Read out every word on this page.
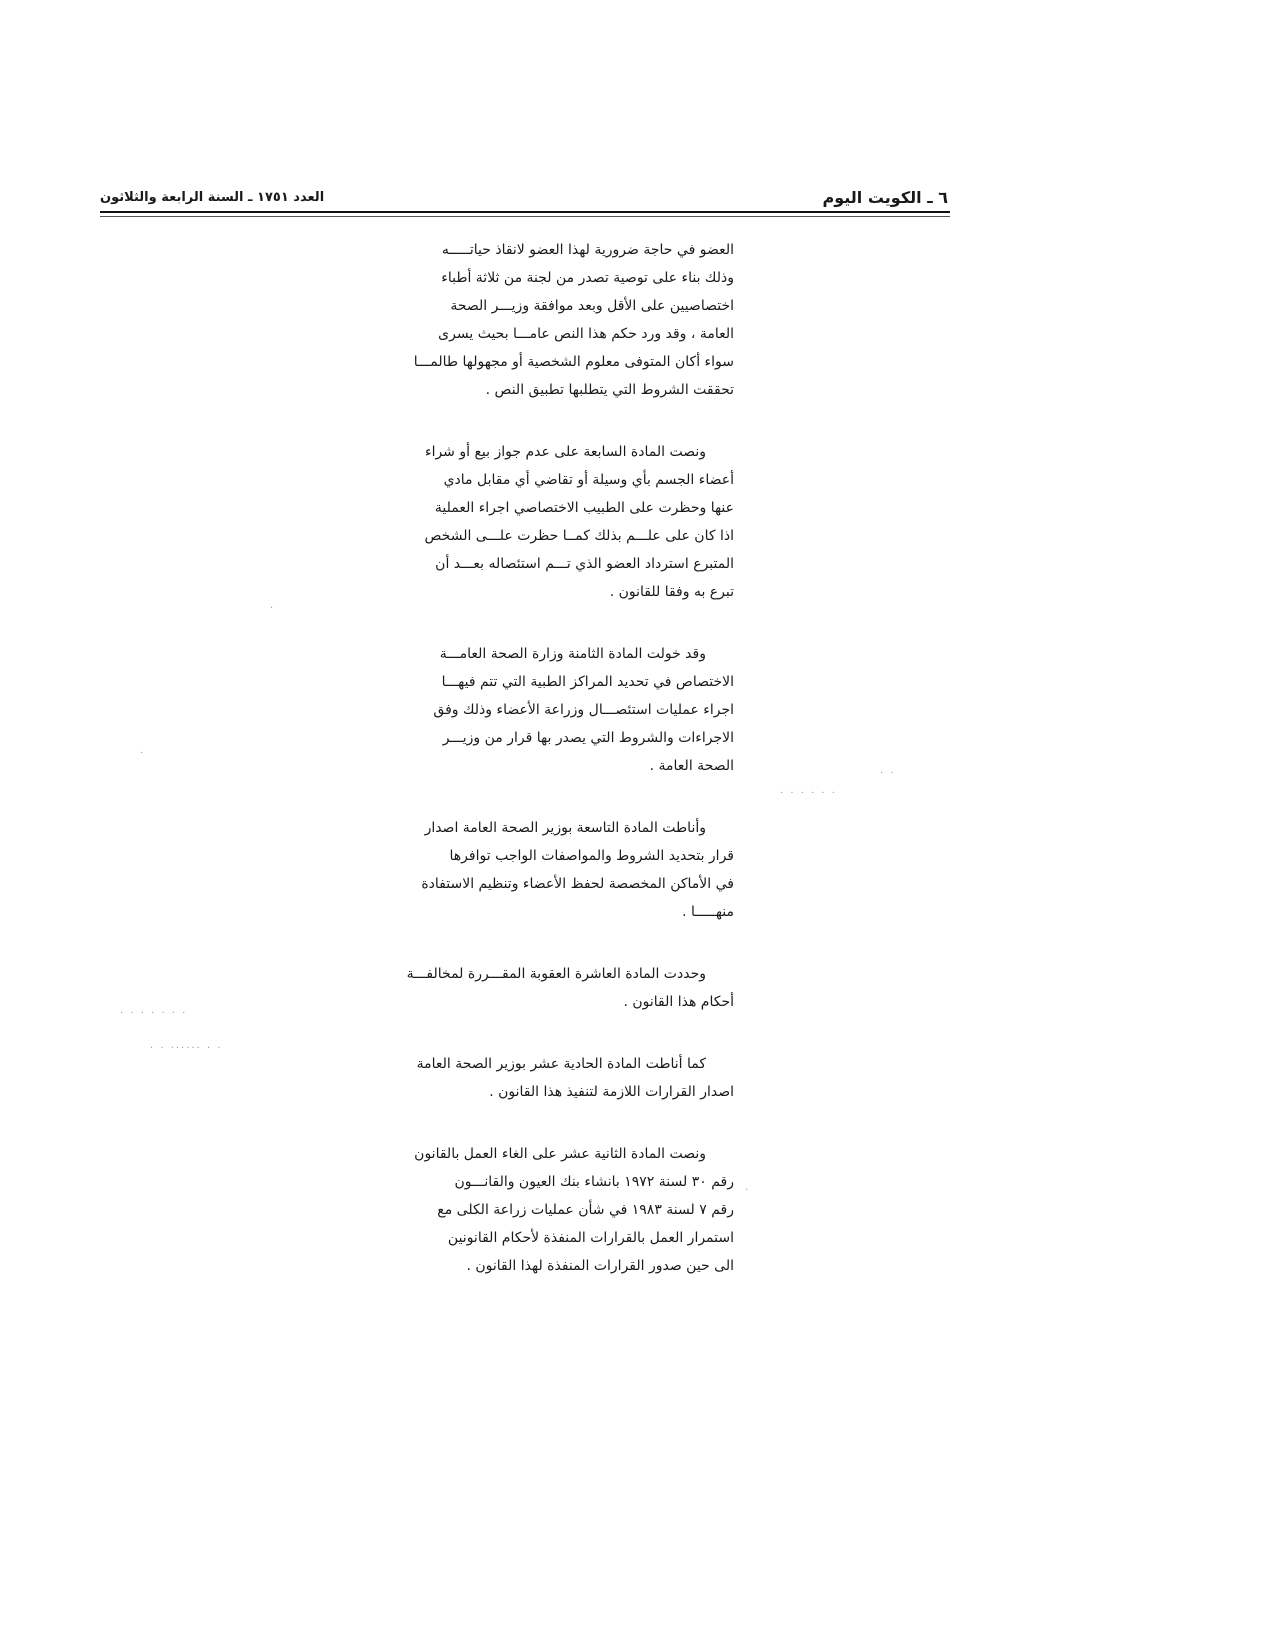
٦ ـ الكويت اليوم
العدد ١٧٥١ ـ السنة الرابعة والثلاثون
العضو في حاجة ضرورية لهذا العضو لانقاذ حياتـــــه
وذلك بناء على توصية تصدر من لجنة من ثلاثة أطباء
اختصاصيين على الأقل وبعد موافقة وزيـــر الصحة
العامة ، وقد ورد حكم هذا النص عامـــا بحيث يسرى
سواء أكان المتوفى معلوم الشخصية أو مجهولها طالمـــا
تحققت الشروط التي يتطلبها تطبيق النص .
ونصت المادة السابعة على عدم جواز بيع أو شراء
أعضاء الجسم بأي وسيلة أو تقاضي أي مقابل مادي
عنها وحظرت على الطبيب الاختصاصي اجراء العملية
اذا كان على علـــم بذلك كمــا حظرت علـــى الشخص
المتبرع استرداد العضو الذي تـــم استئصاله بعـــد أن
تبرع به وفقا للقانون .
وقد خولت المادة الثامنة وزارة الصحة العامـــة
الاختصاص في تحديد المراكز الطبية التي تتم فيهـــا
اجراء عمليات استئصـــال وزراعة الأعضاء وذلك وفق
الاجراءات والشروط التي يصدر بها قرار من وزيـــر
الصحة العامة .
وأناطت المادة التاسعة بوزير الصحة العامة اصدار
قرار بتحديد الشروط والمواصفات الواجب توافرها
في الأماكن المخصصة لحفظ الأعضاء وتنظيم الاستفادة
منهـــــا .
وحددت المادة العاشرة العقوبة المقـــررة لمخالفـــة
أحكام هذا القانون .
كما أناطت المادة الحادية عشر بوزير الصحة العامة
اصدار القرارات اللازمة لتنفيذ هذا القانون .
ونصت المادة الثانية عشر على الغاء العمل بالقانون
رقم ٣٠ لسنة ١٩٧٢ بانشاء بنك العيون والقانـــون
رقم ٧ لسنة ١٩٨٣ في شأن عمليات زراعة الكلى مع
استمرار العمل بالقرارات المنفذة لأحكام القانونين
الى حين صدور القرارات المنفذة لهذا القانون .
. . . . . . .
. . ...... . .
. . . . . .
. .
.
.
.
